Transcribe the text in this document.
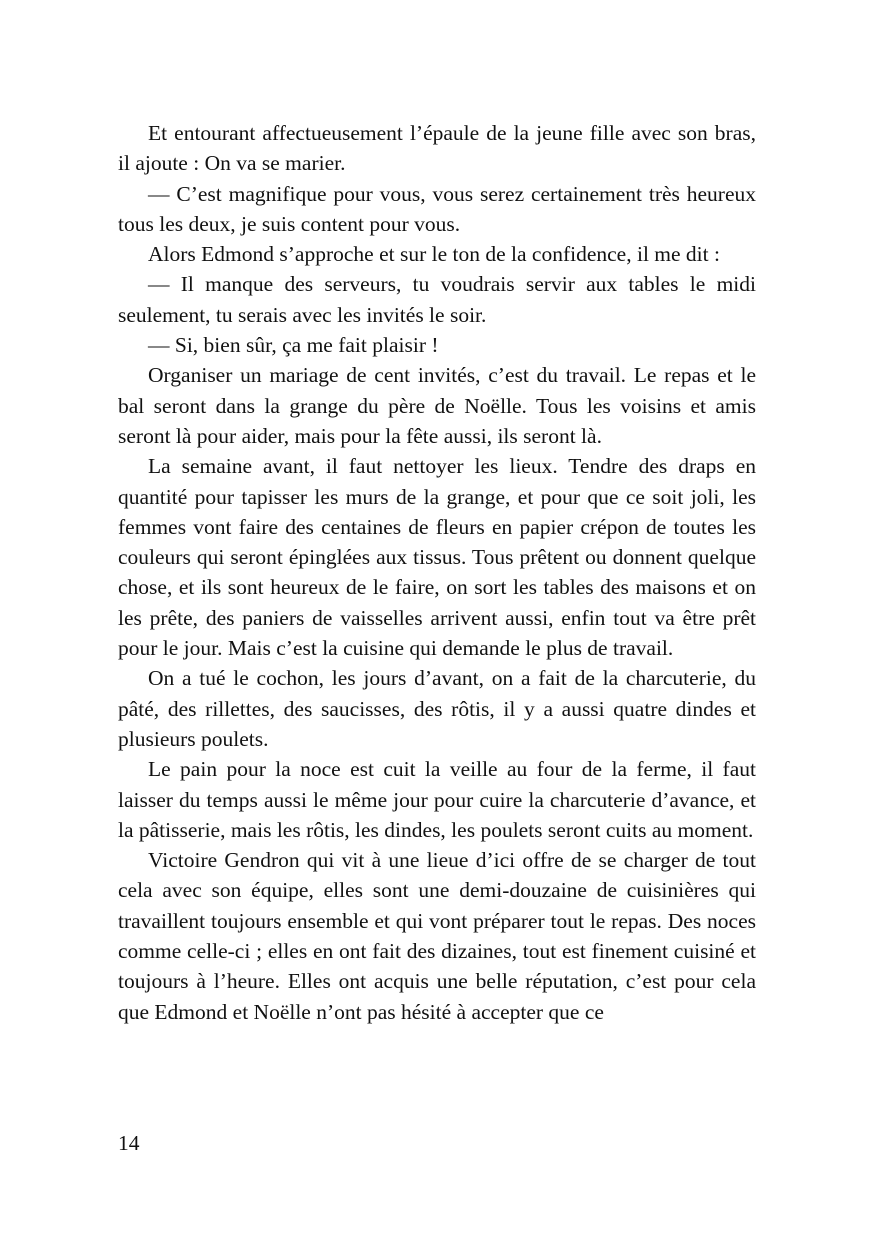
Et entourant affectueusement l’épaule de la jeune fille avec son bras, il ajoute : On va se marier.

— C’est magnifique pour vous, vous serez certainement très heureux tous les deux, je suis content pour vous.

Alors Edmond s’approche et sur le ton de la confidence, il me dit :

— Il manque des serveurs, tu voudrais servir aux tables le midi seulement, tu serais avec les invités le soir.

— Si, bien sûr, ça me fait plaisir !

Organiser un mariage de cent invités, c’est du travail. Le repas et le bal seront dans la grange du père de Noëlle. Tous les voisins et amis seront là pour aider, mais pour la fête aussi, ils seront là.

La semaine avant, il faut nettoyer les lieux. Tendre des draps en quantité pour tapisser les murs de la grange, et pour que ce soit joli, les femmes vont faire des centaines de fleurs en papier crépon de toutes les couleurs qui seront épinglées aux tissus. Tous prêtent ou donnent quelque chose, et ils sont heureux de le faire, on sort les tables des maisons et on les prête, des paniers de vaisselles arrivent aussi, enfin tout va être prêt pour le jour. Mais c’est la cuisine qui demande le plus de travail.

On a tué le cochon, les jours d’avant, on a fait de la charcuterie, du pâté, des rillettes, des saucisses, des rôtis, il y a aussi quatre dindes et plusieurs poulets.

Le pain pour la noce est cuit la veille au four de la ferme, il faut laisser du temps aussi le même jour pour cuire la charcuterie d’avance, et la pâtisserie, mais les rôtis, les dindes, les poulets seront cuits au moment.

Victoire Gendron qui vit à une lieue d’ici offre de se charger de tout cela avec son équipe, elles sont une demi-douzaine de cuisinières qui travaillent toujours ensemble et qui vont préparer tout le repas. Des noces comme celle-ci ; elles en ont fait des dizaines, tout est finement cuisiné et toujours à l’heure. Elles ont acquis une belle réputation, c’est pour cela que Edmond et Noëlle n’ont pas hésité à accepter que ce

14
